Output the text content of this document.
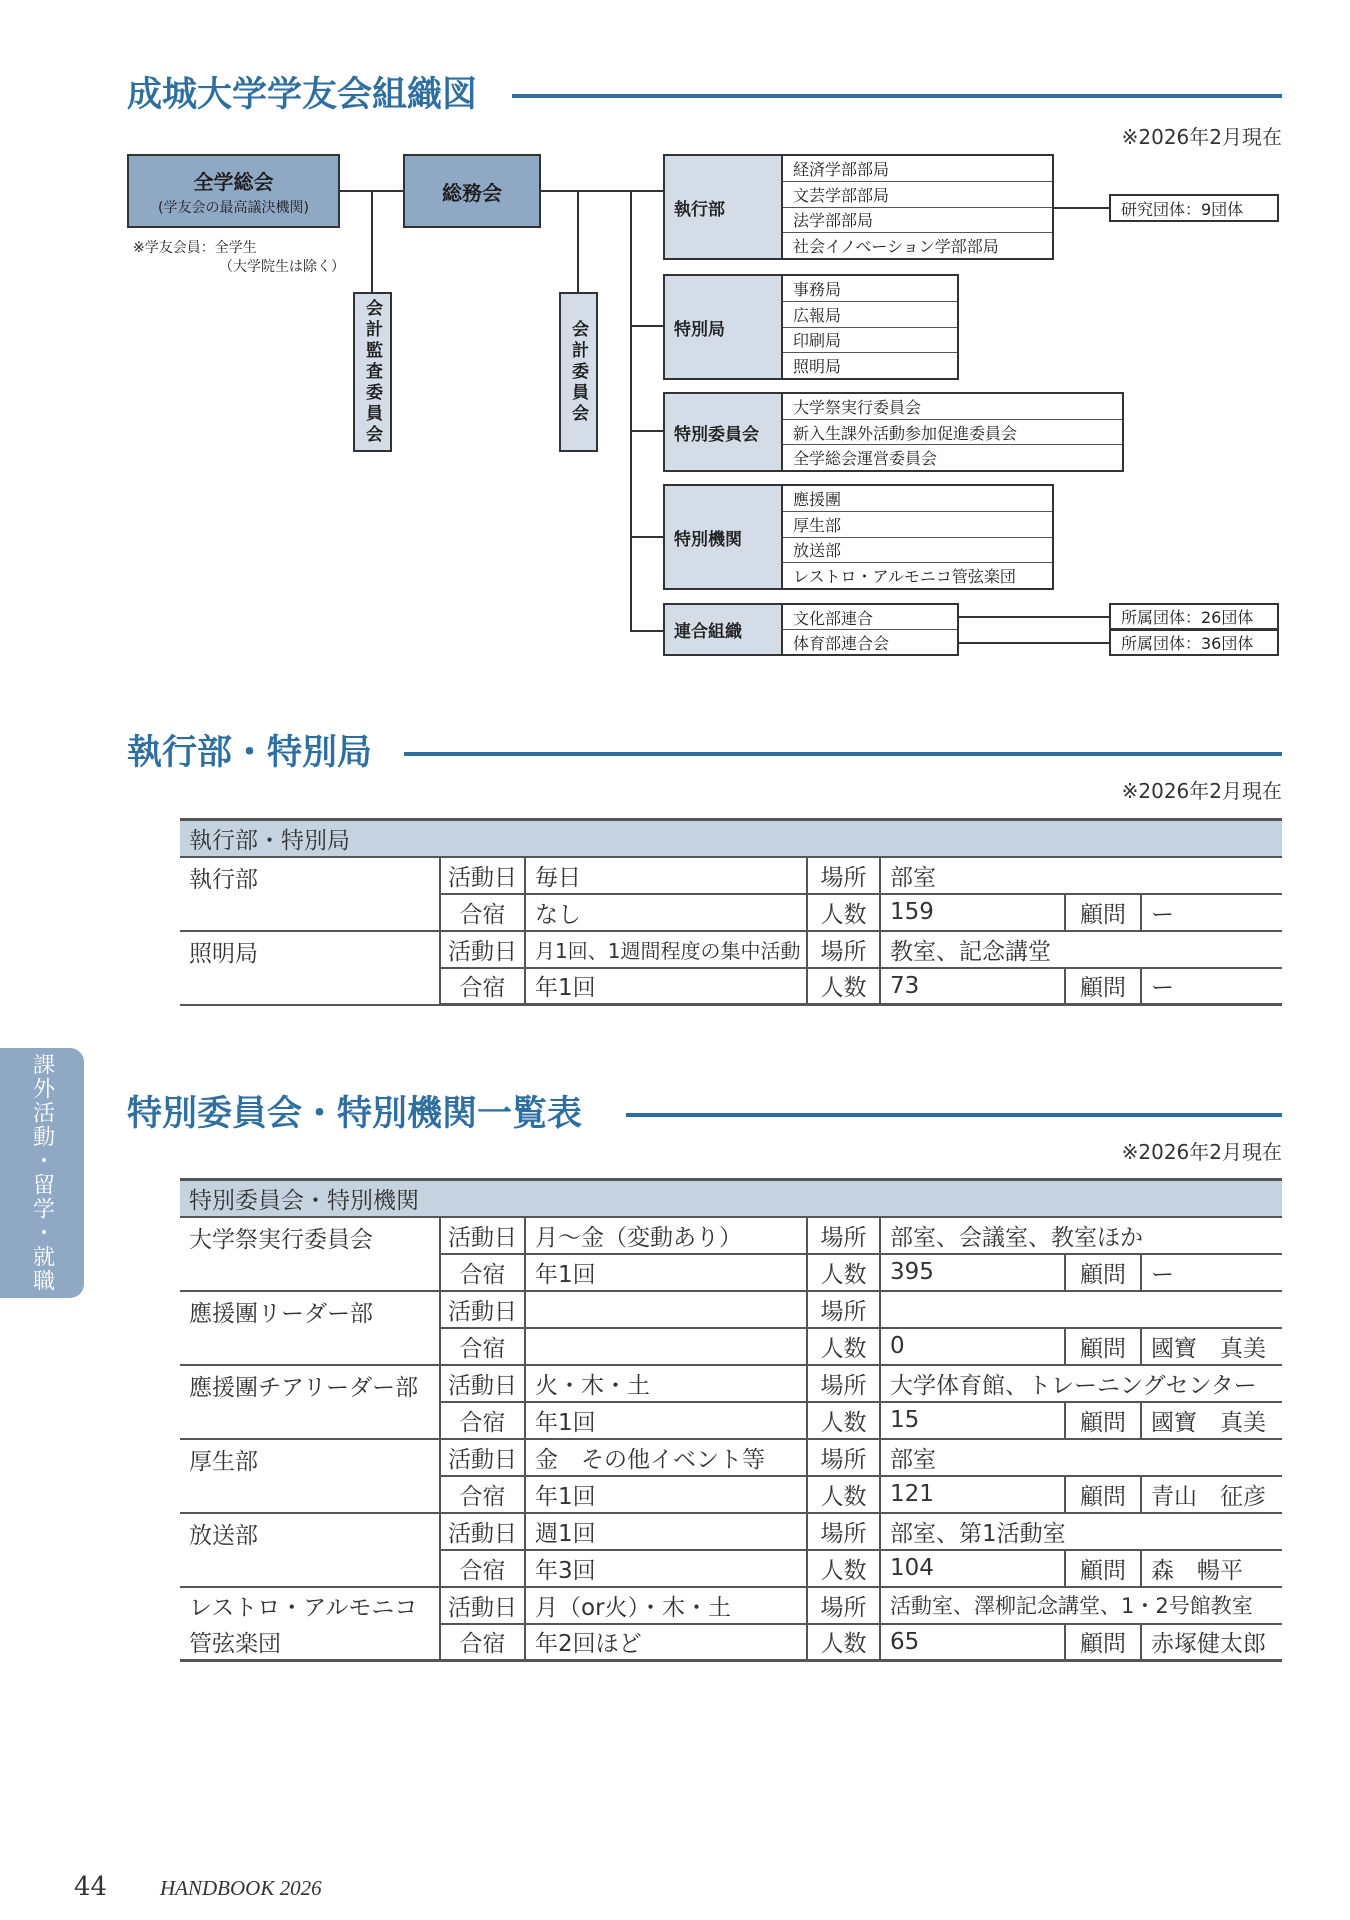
成城大学学友会組織図
※2026年2月現在
全学総会
(学友会の最高議決機関)
※学友会員：全学生
（大学院生は除く）
総務会
会計監査委員会	会計委員会
執行部
経済学部部局
文芸学部部局
法学部部局
社会イノベーション学部部局
特別局
事務局
広報局
印刷局
照明局
特別委員会
大学祭実行委員会
新入生課外活動参加促進委員会
全学総会運営委員会
特別機関
應援團
厚生部
放送部
レストロ・アルモニコ管弦楽団
連合組織
文化部連合
体育部連合会
研究団体：9団体
所属団体：26団体
所属団体：36団体
執行部・特別局
※2026年2月現在
執行部・特別局						
執行部	活動日	毎日	場所	部室		
	合宿	なし	人数	159	顧問	ー
照明局	活動日	月1回、1週間程度の集中活動	場所	教室、記念講堂		
	合宿	年1回	人数	73	顧問	ー
特別委員会・特別機関一覧表
※2026年2月現在
特別委員会・特別機関						
大学祭実行委員会	活動日	月～金（変動あり）	場所	部室、会議室、教室ほか		
	合宿	年1回	人数	395	顧問	ー
應援團リーダー部	活動日		場所			
	合宿		人数	0	顧問	國寶　真美
應援團チアリーダー部	活動日	火・木・土	場所	大学体育館、トレーニングセンター		
	合宿	年1回	人数	15	顧問	國寶　真美
厚生部	活動日	金　その他イベント等	場所	部室		
	合宿	年1回	人数	121	顧問	青山　征彦
放送部	活動日	週1回	場所	部室、第1活動室		
	合宿	年3回	人数	104	顧問	森　暢平
レストロ・アルモニコ	活動日	月（or火）・木・土	場所	活動室、澤柳記念講堂、1・2号館教室		
管弦楽団	合宿	年2回ほど	人数	65	顧問	赤塚健太郎
課外活動・留学・就職
44	HANDBOOK 2026
